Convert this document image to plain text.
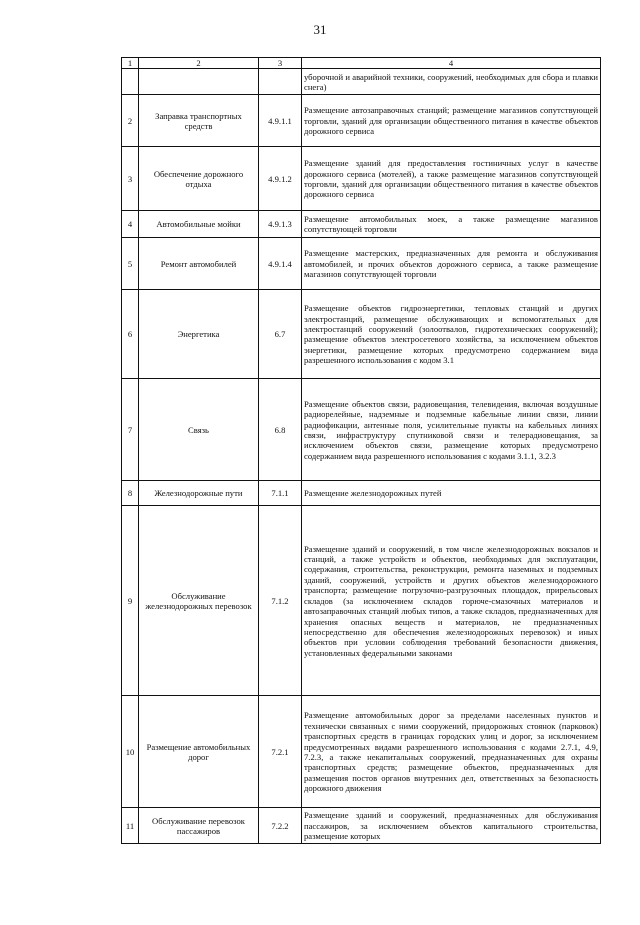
31
1	2	3	4
			уборочной и аварийной техники, сооружений, необходимых для сбора и плавки снега)
2	Заправка транспортных средств	4.9.1.1	Размещение автозаправочных станций; размещение магазинов сопутствующей торговли, зданий для организации общественного питания в качестве объектов дорожного сервиса
3	Обеспечение дорожного отдыха	4.9.1.2	Размещение зданий для предоставления гостиничных услуг в качестве дорожного сервиса (мотелей), а также размещение магазинов сопутствующей торговли, зданий для организации общественного питания в качестве объектов дорожного сервиса
4	Автомобильные мойки	4.9.1.3	Размещение автомобильных моек, а также размещение магазинов сопутствующей торговли
5	Ремонт автомобилей	4.9.1.4	Размещение мастерских, предназначенных для ремонта и обслуживания автомобилей, и прочих объектов дорожного сервиса, а также размещение магазинов сопутствующей торговли
6	Энергетика	6.7	Размещение объектов гидроэнергетики, тепловых станций и других электростанций, размещение обслуживающих и вспомогательных для электростанций сооружений (золоотвалов, гидротехнических сооружений); размещение объектов электросетевого хозяйства, за исключением объектов энергетики, размещение которых предусмотрено содержанием вида разрешенного использования с кодом 3.1
7	Связь	6.8	Размещение объектов связи, радиовещания, телевидения, включая воздушные радиорелейные, надземные и подземные кабельные линии связи, линии радиофикации, антенные поля, усилительные пункты на кабельных линиях связи, инфраструктуру спутниковой связи и телерадиовещания, за исключением объектов связи, размещение которых предусмотрено содержанием вида разрешенного использования с кодами 3.1.1, 3.2.3
8	Железнодорожные пути	7.1.1	Размещение железнодорожных путей
9	Обслуживание железнодорожных перевозок	7.1.2	Размещение зданий и сооружений, в том числе железнодорожных вокзалов и станций, а также устройств и объектов, необходимых для эксплуатации, содержания, строительства, реконструкции, ремонта наземных и подземных зданий, сооружений, устройств и других объектов железнодорожного транспорта; размещение погрузочно-разгрузочных площадок, прирельсовых складов (за исключением складов горюче-смазочных материалов и автозаправочных станций любых типов, а также складов, предназначенных для хранения опасных веществ и материалов, не предназначенных непосредственно для обеспечения железнодорожных перевозок) и иных объектов при условии соблюдения требований безопасности движения, установленных федеральными законами
10	Размещение автомобильных дорог	7.2.1	Размещение автомобильных дорог за пределами населенных пунктов и технически связанных с ними сооружений, придорожных стоянок (парковок) транспортных средств в границах городских улиц и дорог, за исключением предусмотренных видами разрешенного использования с кодами 2.7.1, 4.9, 7.2.3, а также некапитальных сооружений, предназначенных для охраны транспортных средств; размещение объектов, предназначенных для размещения постов органов внутренних дел, ответственных за безопасность дорожного движения
11	Обслуживание перевозок пассажиров	7.2.2	Размещение зданий и сооружений, предназначенных для обслуживания пассажиров, за исключением объектов капитального строительства, размещение которых
